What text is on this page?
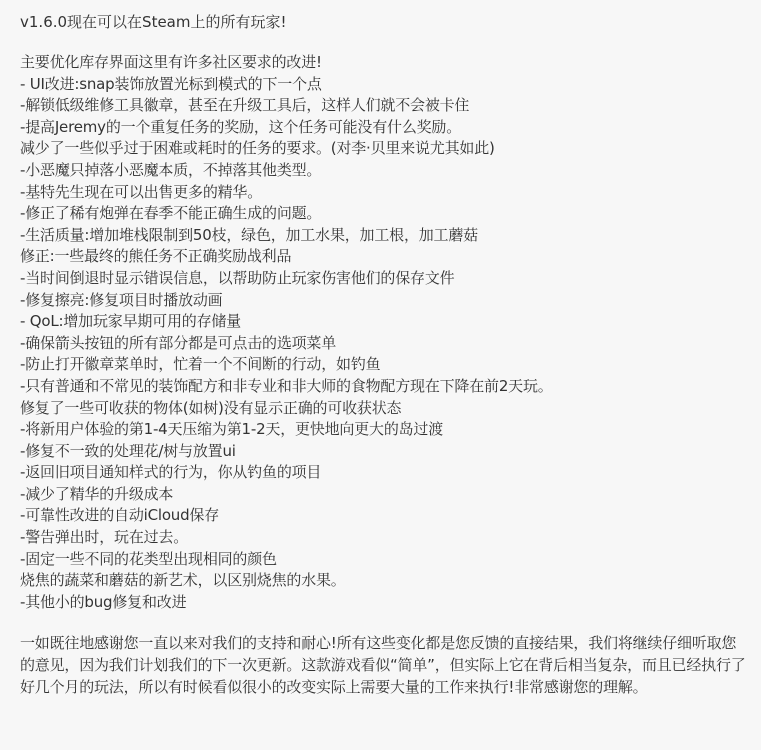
v1.6.0现在可以在Steam上的所有玩家!
主要优化库存界面这里有许多社区要求的改进!
- UI改进:snap装饰放置光标到模式的下一个点
-解锁低级维修工具徽章，甚至在升级工具后，这样人们就不会被卡住
-提高Jeremy的一个重复任务的奖励，这个任务可能没有什么奖励。
减少了一些似乎过于困难或耗时的任务的要求。(对李·贝里来说尤其如此)
-小恶魔只掉落小恶魔本质，不掉落其他类型。
-基特先生现在可以出售更多的精华。
-修正了稀有炮弹在春季不能正确生成的问题。
-生活质量:增加堆栈限制到50枝，绿色，加工水果，加工根，加工蘑菇
修正:一些最终的熊任务不正确奖励战利品
-当时间倒退时显示错误信息，以帮助防止玩家伤害他们的保存文件
-修复擦亮:修复项目时播放动画
- QoL:增加玩家早期可用的存储量
-确保箭头按钮的所有部分都是可点击的选项菜单
-防止打开徽章菜单时，忙着一个不间断的行动，如钓鱼
-只有普通和不常见的装饰配方和非专业和非大师的食物配方现在下降在前2天玩。
修复了一些可收获的物体(如树)没有显示正确的可收获状态
-将新用户体验的第1-4天压缩为第1-2天，更快地向更大的岛过渡
-修复不一致的处理花/树与放置ui
-返回旧项目通知样式的行为，你从钓鱼的项目
-减少了精华的升级成本
-可靠性改进的自动iCloud保存
-警告弹出时，玩在过去。
-固定一些不同的花类型出现相同的颜色
烧焦的蔬菜和蘑菇的新艺术，以区别烧焦的水果。
-其他小的bug修复和改进
一如既往地感谢您一直以来对我们的支持和耐心!所有这些变化都是您反馈的直接结果，我们将继续仔细听取您的意见，因为我们计划我们的下一次更新。这款游戏看似“简单”，但实际上它在背后相当复杂，而且已经执行了好几个月的玩法，所以有时候看似很小的改变实际上需要大量的工作来执行!非常感谢您的理解。
